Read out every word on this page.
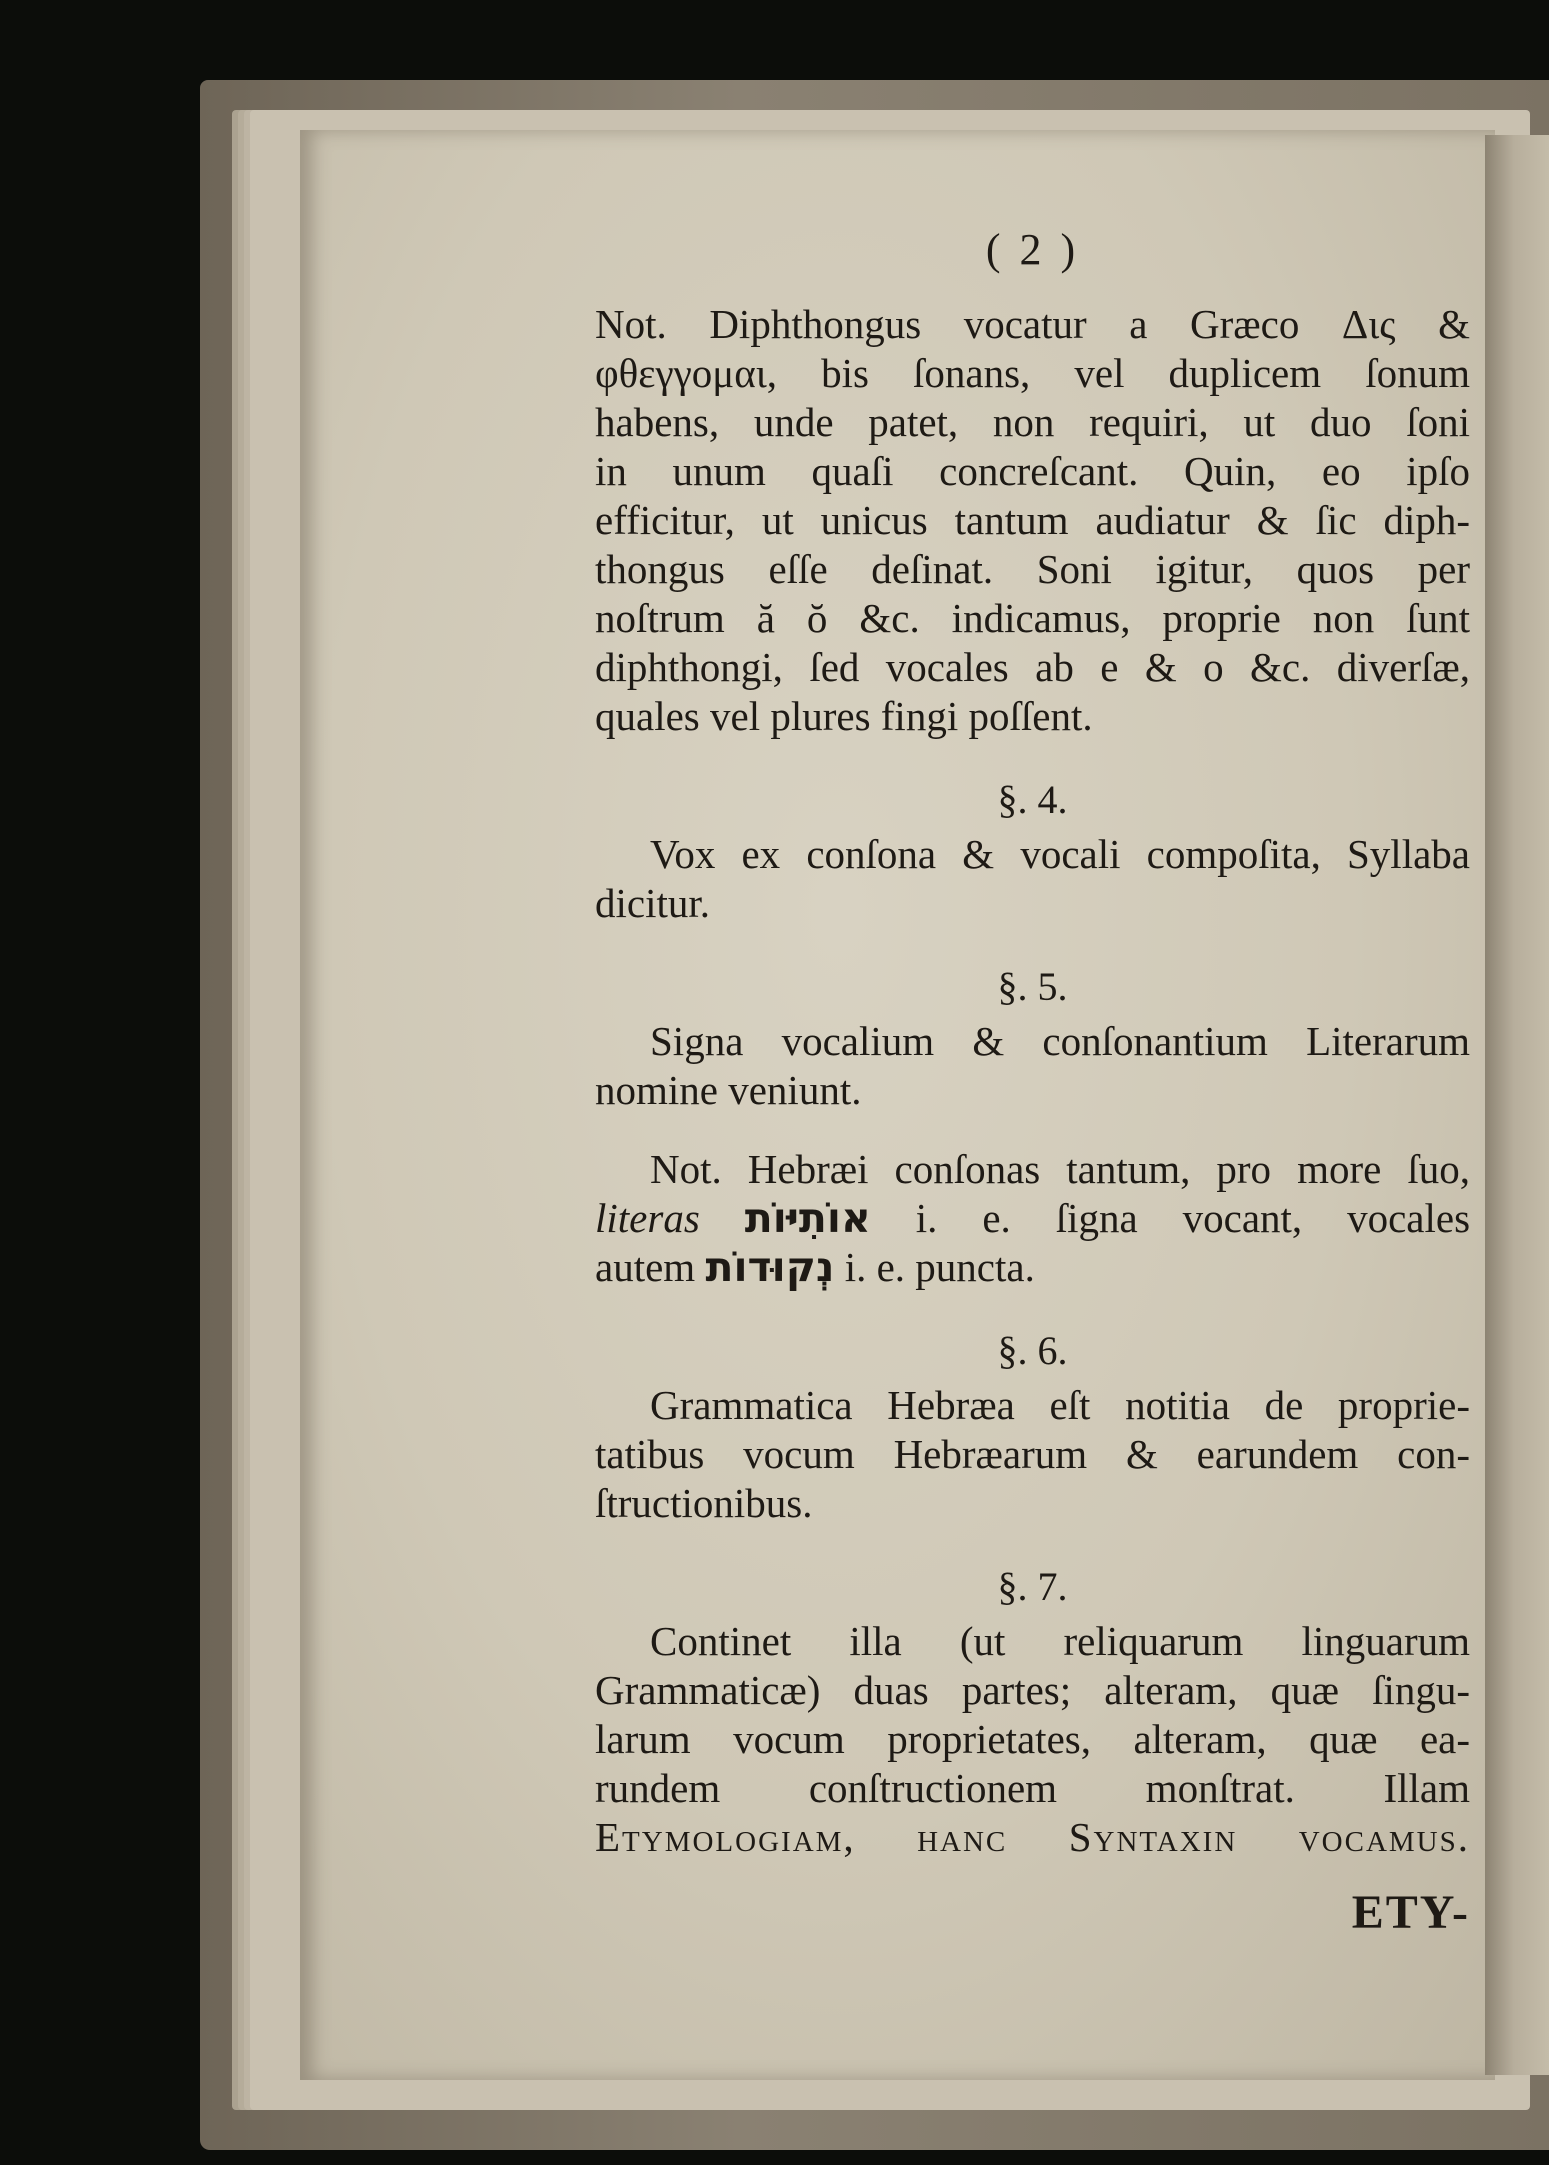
( 2 )
Not. Diphthongus vocatur a Græco Δις &
φθεγγομαι, bis ſonans, vel duplicem ſonum
habens, unde patet, non requiri, ut duo ſoni
in unum quaſi concreſcant. Quin, eo ipſo
efficitur, ut unicus tantum audiatur & ſic diph-
thongus eſſe deſinat. Soni igitur, quos per
noſtrum ă ŏ &c. indicamus, proprie non ſunt
diphthongi, ſed vocales ab e & o &c. diverſæ,
quales vel plures fingi poſſent.
§. 4.
Vox ex conſona & vocali compoſita, Syllaba
dicitur.
§. 5.
Signa vocalium & conſonantium Literarum
nomine veniunt.
Not. Hebræi conſonas tantum, pro more ſuo,
literas אוֹתִיּוֹת i. e. ſigna vocant, vocales
autem נְקוּדוֹת i. e. puncta.
§. 6.
Grammatica Hebræa eſt notitia de proprie-
tatibus vocum Hebræarum & earundem con-
ſtructionibus.
§. 7.
Continet illa (ut reliquarum linguarum
Grammaticæ) duas partes; alteram, quæ ſingu-
larum vocum proprietates, alteram, quæ ea-
rundem conſtructionem monſtrat. Illam
Etymologiam, hanc Syntaxin vocamus.
ETY-
